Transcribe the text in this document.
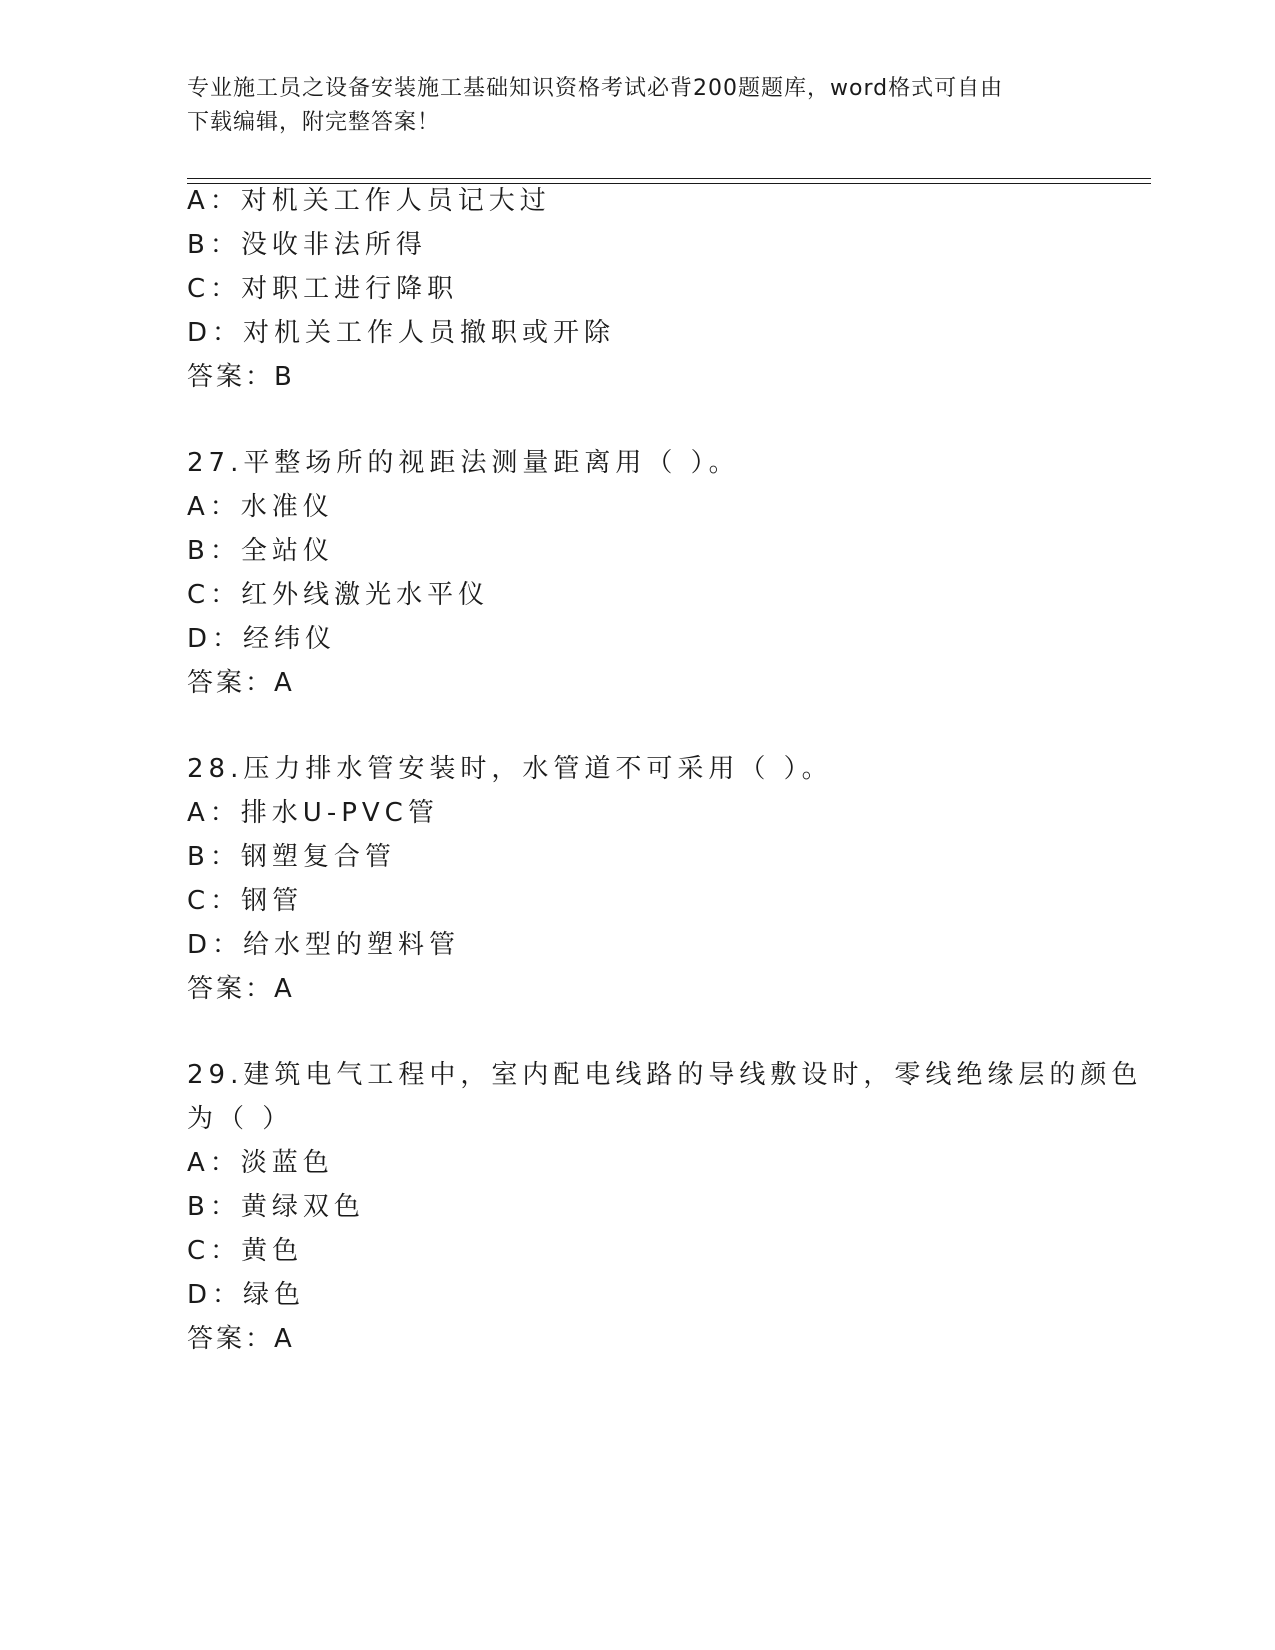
专业施工员之设备安装施工基础知识资格考试必背200题题库，word格式可自由
下载编辑，附完整答案！
A：对机关工作人员记大过
B：没收非法所得
C：对职工进行降职
D：对机关工作人员撤职或开除
答案：B
27.平整场所的视距法测量距离用（ ）。
A：水准仪
B：全站仪
C：红外线激光水平仪
D：经纬仪
答案：A
28.压力排水管安装时，水管道不可采用（ ）。
A：排水U-PVC管
B：钢塑复合管
C：钢管
D：给水型的塑料管
答案：A
29.建筑电气工程中，室内配电线路的导线敷设时，零线绝缘层的颜色
为（ ）
A：淡蓝色
B：黄绿双色
C：黄色
D：绿色
答案：A
